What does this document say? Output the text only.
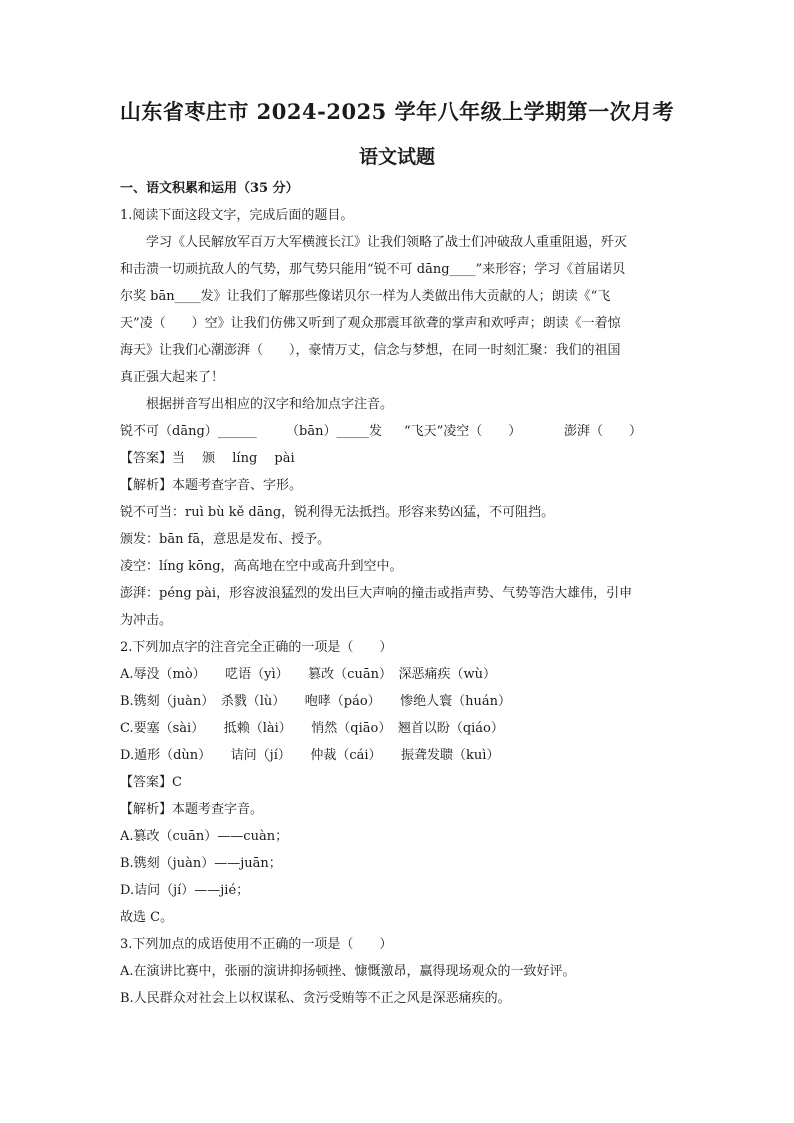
山东省枣庄市 2024-2025 学年八年级上学期第一次月考
语文试题
一、语文积累和运用（35 分）
1.阅读下面这段文字，完成后面的题目。
学习《人民解放军百万大军横渡长江》让我们领略了战士们冲破敌人重重阻遏，歼灭
和击溃一切顽抗敌人的气势，那气势只能用“锐不可 dāng____”来形容；学习《首届诺贝
尔奖 bān____发》让我们了解那些像诺贝尔一样为人类做出伟大贡献的人；朗读《“飞
天”凌（　　）空》让我们仿佛又听到了观众那震耳欲聋的掌声和欢呼声；朗读《一着惊
海天》让我们心潮澎湃（　　），豪情万丈，信念与梦想，在同一时刻汇聚：我们的祖国
真正强大起来了！
根据拼音写出相应的汉字和给加点字注音。
锐不可（dāng）______ （bān）_____发 “飞天”凌空（　　）	澎湃（　　）
【答案】当　 颁　 líng　 pài
【解析】本题考查字音、字形。
锐不可当：ruì bù kě dāng，锐利得无法抵挡。形容来势凶猛，不可阻挡。
颁发：bān fā，意思是发布、授予。
凌空：líng kōng，高高地在空中或高升到空中。
澎湃：péng pài，形容波浪猛烈的发出巨大声响的撞击或指声势、气势等浩大雄伟，引申
为冲击。
2.下列加点字的注音完全正确的一项是（　　）
A.辱没（mò）　　呓语（yì）　　篡改（cuān）　深恶痛疾（wù）
B.镌刻（juàn）　杀戮（lù）　　咆哮（páo）　　惨绝人寰（huán）
C.要塞（sài）　　抵赖（lài）　　悄然（qiāo）　翘首以盼（qiáo）
D.遁形（dùn）　　诘问（jí）　　仲裁（cái）　　振聋发聩（kuì）
【答案】C
【解析】本题考查字音。
A.篡改（cuān）——cuàn；
B.镌刻（juàn）——juān；
D.诘问（jí）——jié；
故选 C。
3.下列加点的成语使用不正确的一项是（　　）
A.在演讲比赛中，张丽的演讲抑扬顿挫、慷慨激昂，赢得现场观众的一致好评。
B.人民群众对社会上以权谋私、贪污受贿等不正之风是深恶痛疾的。
